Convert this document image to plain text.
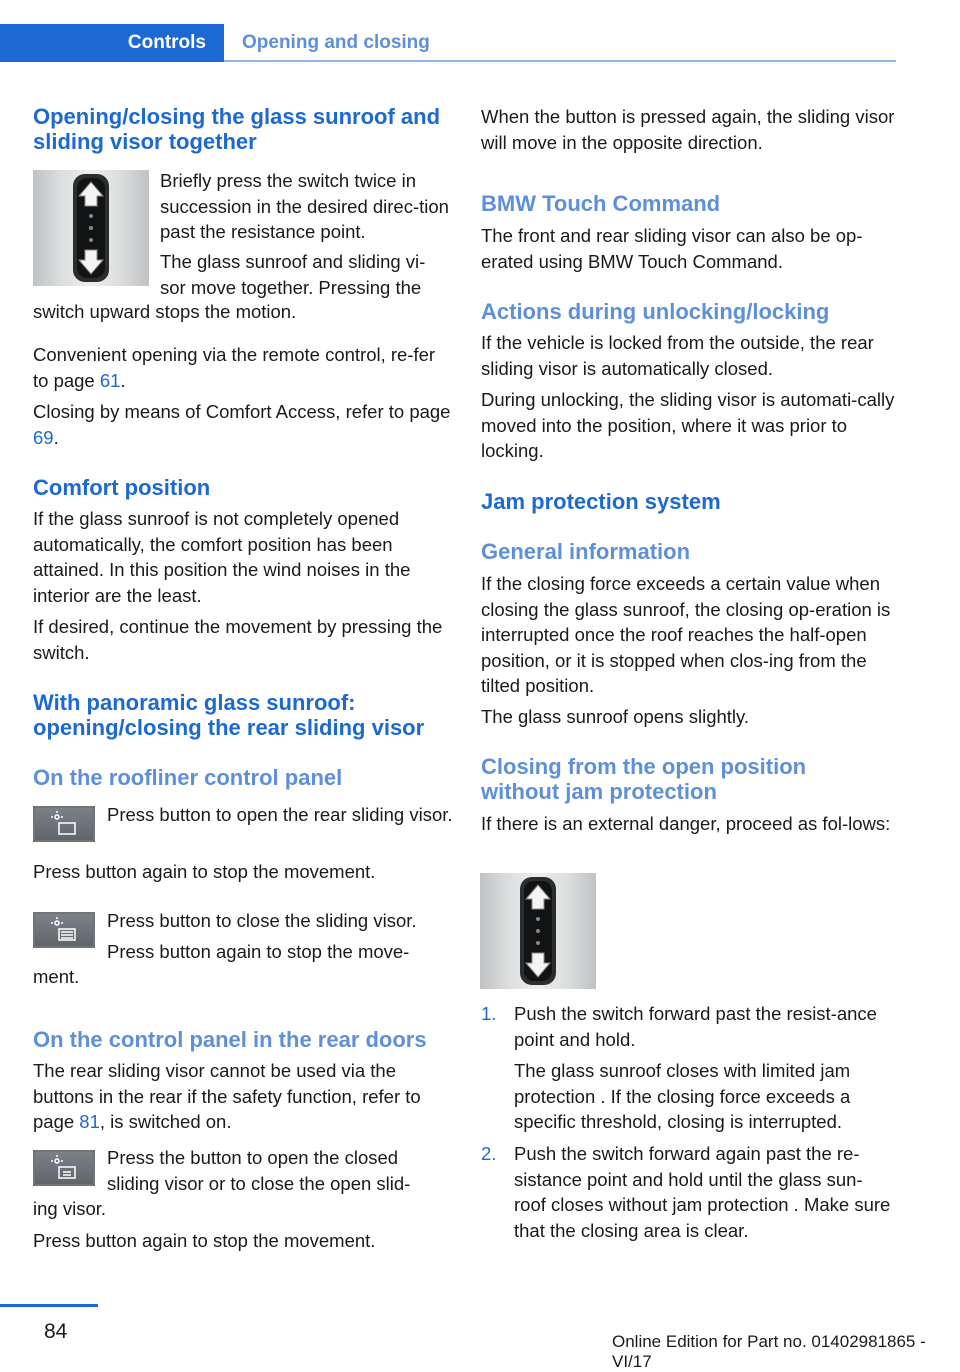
Controls Opening and closing
Opening/closing the glass sunroof and sliding visor together
Briefly press the switch twice in succession in the desired direc-tion past the resistance point.
The glass sunroof and sliding vi-
sor move together. Pressing the
switch upward stops the motion.
Convenient opening via the remote control, re-fer to page 61.
Closing by means of Comfort Access, refer to page 69.
Comfort position
If the glass sunroof is not completely opened automatically, the comfort position has been attained. In this position the wind noises in the interior are the least.
If desired, continue the movement by pressing the switch.
With panoramic glass sunroof: opening/closing the rear sliding visor
On the roofliner control panel
Press button to open the rear sliding visor.
Press button again to stop the movement.
Press button to close the sliding visor.
Press button again to stop the move-
ment.
On the control panel in the rear doors
The rear sliding visor cannot be used via the buttons in the rear if the safety function, refer to page 81, is switched on.
Press the button to open the closed
sliding visor or to close the open slid-
ing visor.
Press button again to stop the movement.
When the button is pressed again, the sliding visor will move in the opposite direction.
BMW Touch Command
The front and rear sliding visor can also be op-erated using BMW Touch Command.
Actions during unlocking/locking
If the vehicle is locked from the outside, the rear sliding visor is automatically closed.
During unlocking, the sliding visor is automati-cally moved into the position, where it was prior to locking.
Jam protection system
General information
If the closing force exceeds a certain value when closing the glass sunroof, the closing op-eration is interrupted once the roof reaches the half-open position, or it is stopped when clos-ing from the tilted position.
The glass sunroof opens slightly.
Closing from the open position without jam protection
If there is an external danger, proceed as fol-lows:
1. Push the switch forward past the resist-ance point and hold.
The glass sunroof closes with limited jam protection . If the closing force exceeds a specific threshold, closing is interrupted.
2. Push the switch forward again past the re-sistance point and hold until the glass sun-roof closes without jam protection . Make sure that the closing area is clear.
84	Online Edition for Part no. 01402981865 - VI/17
